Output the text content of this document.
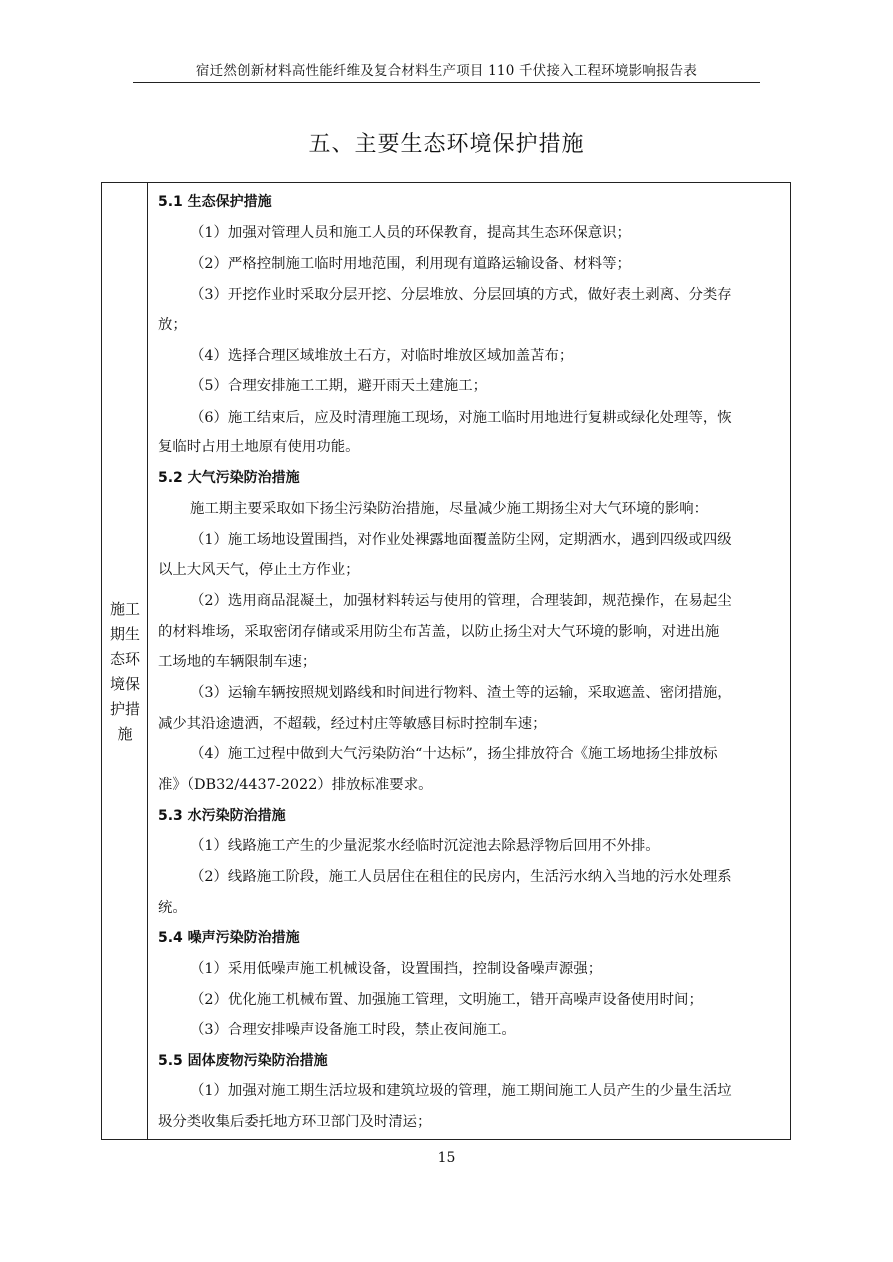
宿迁然创新材料高性能纤维及复合材料生产项目 110 千伏接入工程环境影响报告表
五、主要生态环境保护措施
施工期生态环境保护措施
5.1 生态保护措施
（1）加强对管理人员和施工人员的环保教育，提高其生态环保意识；
（2）严格控制施工临时用地范围，利用现有道路运输设备、材料等；
（3）开挖作业时采取分层开挖、分层堆放、分层回填的方式，做好表土剥离、分类存
放；
（4）选择合理区域堆放土石方，对临时堆放区域加盖苫布；
（5）合理安排施工工期，避开雨天土建施工；
（6）施工结束后，应及时清理施工现场，对施工临时用地进行复耕或绿化处理等，恢
复临时占用土地原有使用功能。
5.2 大气污染防治措施
施工期主要采取如下扬尘污染防治措施，尽量减少施工期扬尘对大气环境的影响：
（1）施工场地设置围挡，对作业处裸露地面覆盖防尘网，定期洒水，遇到四级或四级
以上大风天气，停止土方作业；
（2）选用商品混凝土，加强材料转运与使用的管理，合理装卸，规范操作，在易起尘
的材料堆场，采取密闭存储或采用防尘布苫盖，以防止扬尘对大气环境的影响，对进出施
工场地的车辆限制车速；
（3）运输车辆按照规划路线和时间进行物料、渣土等的运输，采取遮盖、密闭措施，
减少其沿途遗洒，不超载，经过村庄等敏感目标时控制车速；
（4）施工过程中做到大气污染防治“十达标”，扬尘排放符合《施工场地扬尘排放标
准》（DB32/4437-2022）排放标准要求。
5.3 水污染防治措施
（1）线路施工产生的少量泥浆水经临时沉淀池去除悬浮物后回用不外排。
（2）线路施工阶段，施工人员居住在租住的民房内，生活污水纳入当地的污水处理系
统。
5.4 噪声污染防治措施
（1）采用低噪声施工机械设备，设置围挡，控制设备噪声源强；
（2）优化施工机械布置、加强施工管理，文明施工，错开高噪声设备使用时间；
（3）合理安排噪声设备施工时段，禁止夜间施工。
5.5 固体废物污染防治措施
（1）加强对施工期生活垃圾和建筑垃圾的管理，施工期间施工人员产生的少量生活垃
圾分类收集后委托地方环卫部门及时清运；
15
